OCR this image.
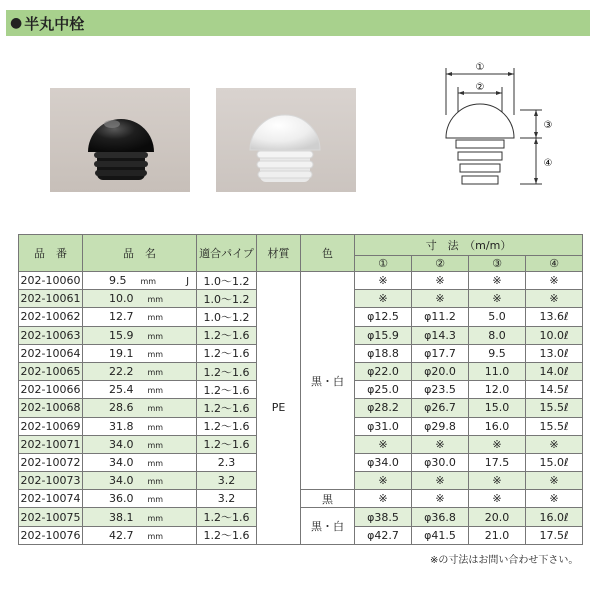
● 半丸中栓
①
②
③
④
品　番	品　名	適合パイプ	材質	色	寸　法　（m/m）			
					①	②	③	④
202-10060	9.5 mm J	1.0～1.2	PE	黒・白	※	※	※	※
202-10061	10.0 mm	1.0～1.2			※	※	※	※
202-10062	12.7 mm	1.0～1.2			φ12.5	φ11.2	5.0	13.6ℓ
202-10063	15.9 mm	1.2～1.6			φ15.9	φ14.3	8.0	10.0ℓ
202-10064	19.1 mm	1.2～1.6			φ18.8	φ17.7	9.5	13.0ℓ
202-10065	22.2 mm	1.2～1.6			φ22.0	φ20.0	11.0	14.0ℓ
202-10066	25.4 mm	1.2～1.6			φ25.0	φ23.5	12.0	14.5ℓ
202-10068	28.6 mm	1.2～1.6			φ28.2	φ26.7	15.0	15.5ℓ
202-10069	31.8 mm	1.2～1.6			φ31.0	φ29.8	16.0	15.5ℓ
202-10071	34.0 mm	1.2～1.6			※	※	※	※
202-10072	34.0 mm	2.3			φ34.0	φ30.0	17.5	15.0ℓ
202-10073	34.0 mm	3.2			※	※	※	※
202-10074	36.0 mm	3.2		黒	※	※	※	※
202-10075	38.1 mm	1.2～1.6		黒・白	φ38.5	φ36.8	20.0	16.0ℓ
202-10076	42.7 mm	1.2～1.6			φ42.7	φ41.5	21.0	17.5ℓ
※の寸法はお問い合わせ下さい。
